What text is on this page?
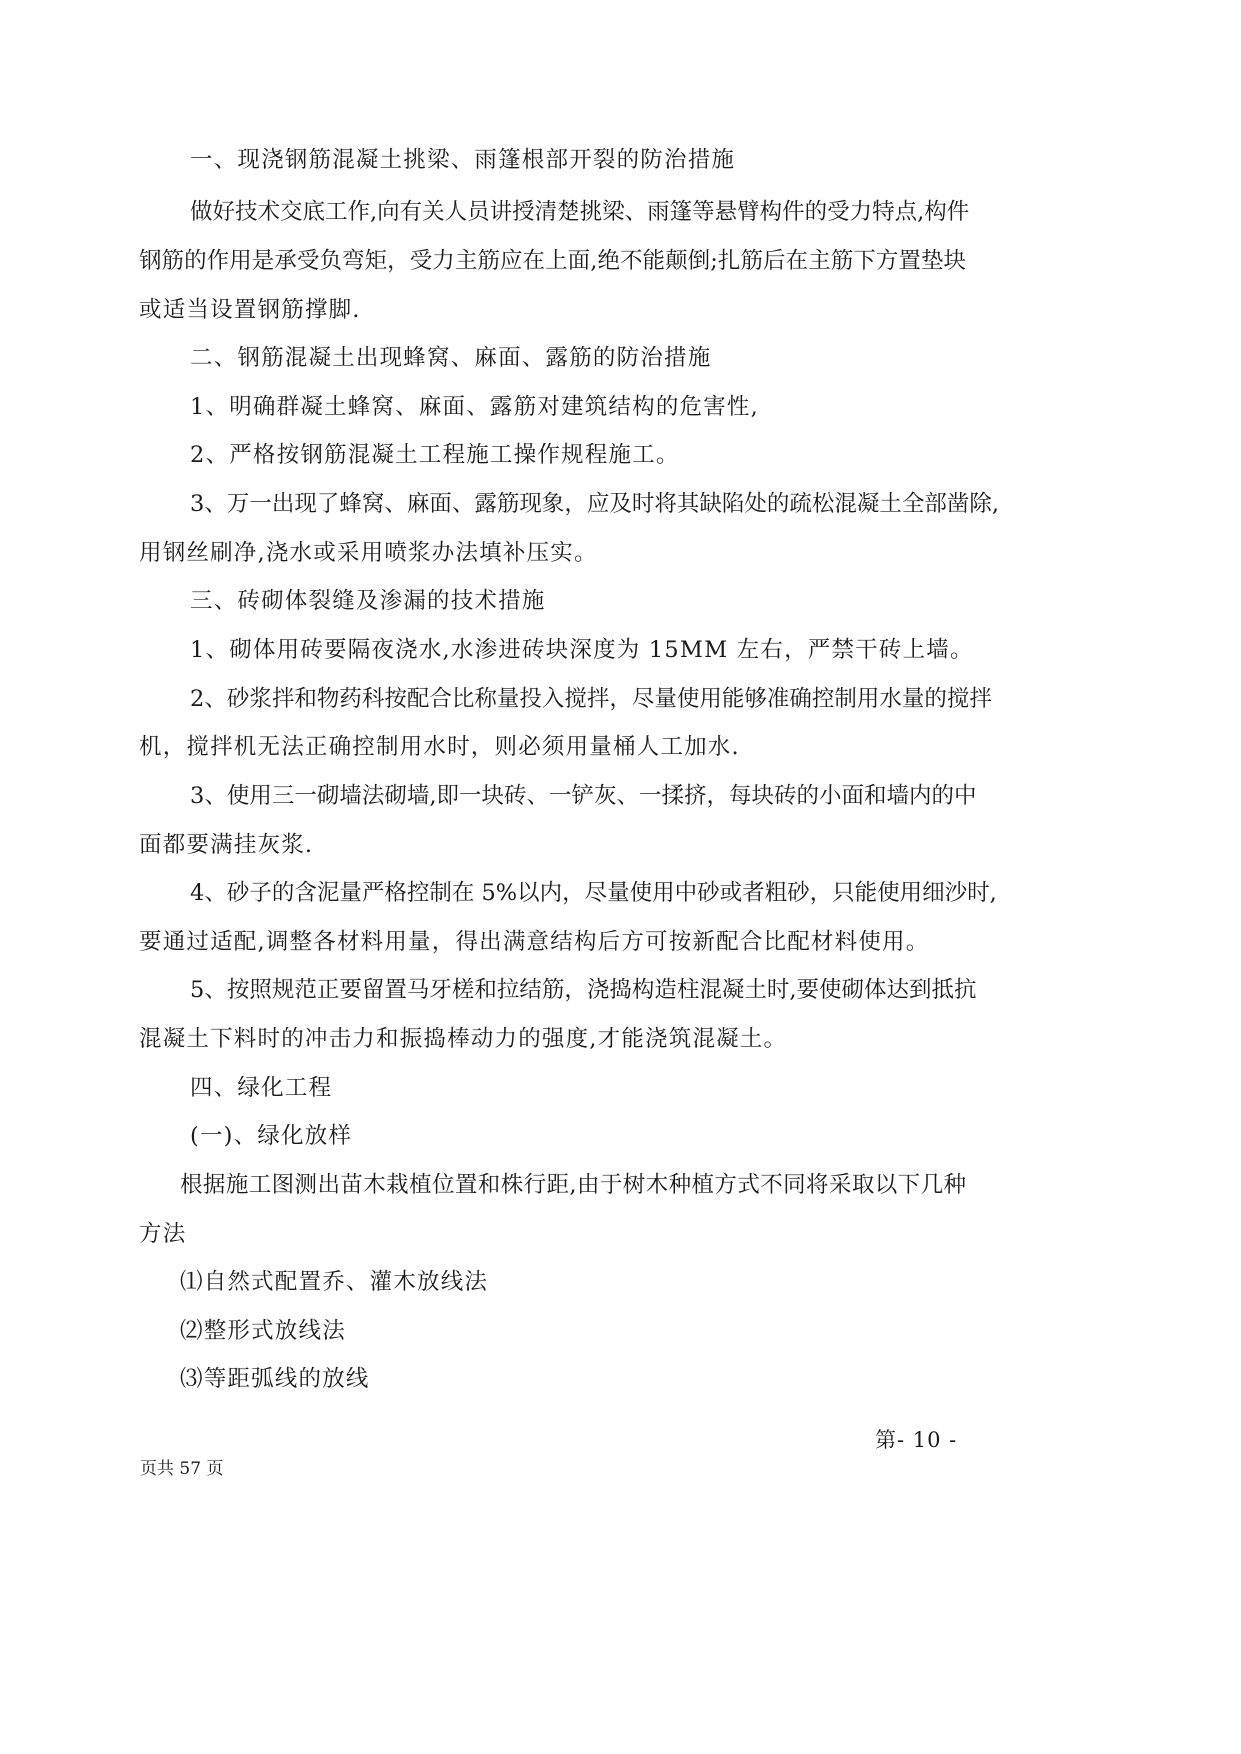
一、现浇钢筋混凝土挑梁、雨篷根部开裂的防治措施
做好技术交底工作,向有关人员讲授清楚挑梁、雨篷等悬臂构件的受力特点,构件
钢筋的作用是承受负弯矩，受力主筋应在上面,绝不能颠倒;扎筋后在主筋下方置垫块
或适当设置钢筋撑脚.
二、钢筋混凝土出现蜂窝、麻面、露筋的防治措施
1、明确群凝土蜂窝、麻面、露筋对建筑结构的危害性,
2、严格按钢筋混凝土工程施工操作规程施工。
3、万一出现了蜂窝、麻面、露筋现象，应及时将其缺陷处的疏松混凝土全部凿除,
用钢丝刷净,浇水或采用喷浆办法填补压实。
三、砖砌体裂缝及渗漏的技术措施
1、砌体用砖要隔夜浇水,水渗进砖块深度为 15MM 左右，严禁干砖上墙。
2、砂浆拌和物药科按配合比称量投入搅拌，尽量使用能够准确控制用水量的搅拌
机，搅拌机无法正确控制用水时，则必须用量桶人工加水.
3、使用三一砌墙法砌墙,即一块砖、一铲灰、一揉挤，每块砖的小面和墙内的中
面都要满挂灰浆.
4、砂子的含泥量严格控制在 5%以内，尽量使用中砂或者粗砂，只能使用细沙时,
要通过适配,调整各材料用量，得出满意结构后方可按新配合比配材料使用。
5、按照规范正要留置马牙槎和拉结筋，浇捣构造柱混凝土时,要使砌体达到抵抗
混凝土下料时的冲击力和振捣棒动力的强度,才能浇筑混凝土。
四、绿化工程
(一)、绿化放样
根据施工图测出苗木栽植位置和株行距,由于树木种植方式不同将采取以下几种
方法
⑴自然式配置乔、灌木放线法
⑵整形式放线法
⑶等距弧线的放线
第- 10 -
页共 57 页
